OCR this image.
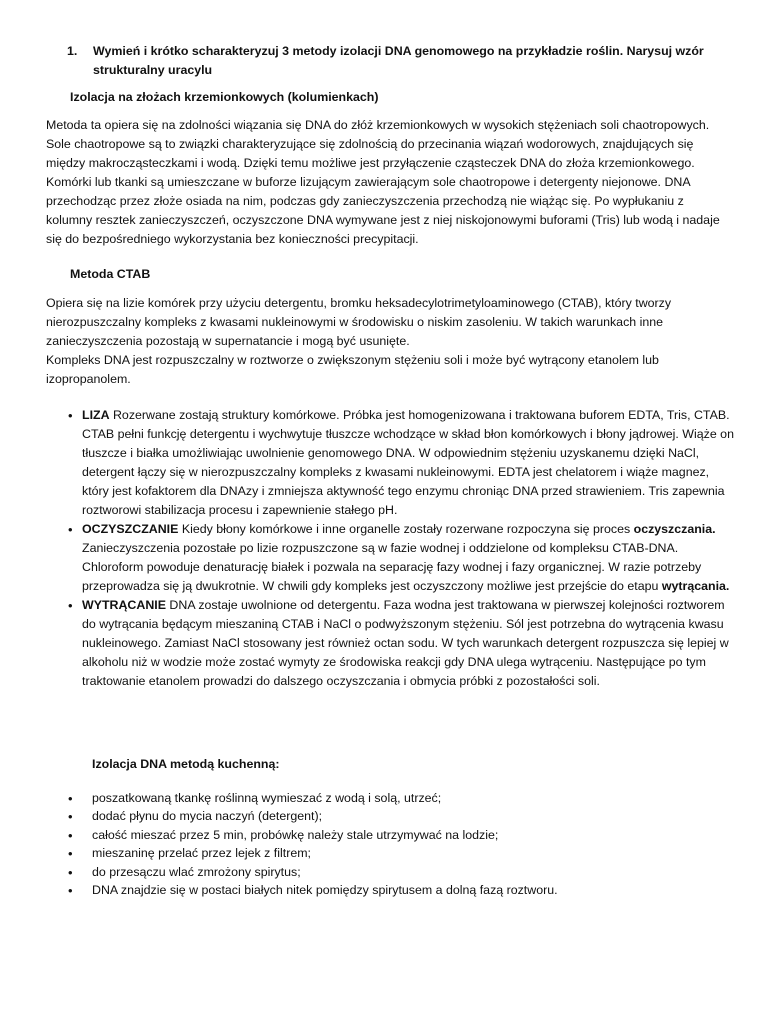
1.	Wymień i krótko scharakteryzuj 3 metody izolacji DNA genomowego na przykładzie roślin. Narysuj wzór strukturalny uracylu
Izolacja na złożach krzemionkowych (kolumienkach)
Metoda ta opiera się na zdolności wiązania się DNA do złóż krzemionkowych w wysokich stężeniach soli chaotropowych. Sole chaotropowe są to związki charakteryzujące się zdolnością do przecinania wiązań wodorowych, znajdujących się między makrocząsteczkami i wodą. Dzięki temu możliwe jest przyłączenie cząsteczek DNA do złoża krzemionkowego. Komórki lub tkanki są umieszczane w buforze lizującym zawierającym sole chaotropowe i detergenty niejonowe. DNA przechodząc przez złoże osiada na nim, podczas gdy zanieczyszczenia przechodzą nie wiążąc się. Po wypłukaniu z kolumny resztek zanieczyszczeń, oczyszczone DNA wymywane jest z niej niskojonowymi buforami (Tris) lub wodą i nadaje się do bezpośredniego wykorzystania bez konieczności precypitacji.
Metoda CTAB
Opiera się na lizie komórek przy użyciu detergentu, bromku heksadecylotrimetyloaminowego (CTAB), który tworzy nierozpuszczalny kompleks z kwasami nukleinowymi w środowisku o niskim zasoleniu. W takich warunkach inne zanieczyszczenia pozostają w supernatancie i mogą być usunięte.
Kompleks DNA jest rozpuszczalny w roztworze o zwiększonym stężeniu soli i może być wytrącony etanolem lub izopropanolem.
•
LIZA Rozerwane zostają struktury komórkowe. Próbka jest homogenizowana i traktowana buforem EDTA, Tris, CTAB. CTAB pełni funkcję detergentu i wychwytuje tłuszcze wchodzące w skład błon komórkowych i błony jądrowej. Wiąże on tłuszcze i białka umożliwiając uwolnienie genomowego DNA. W odpowiednim stężeniu uzyskanemu dzięki NaCl, detergent łączy się w nierozpuszczalny kompleks z kwasami nukleinowymi. EDTA jest chelatorem i wiąże magnez, który jest kofaktorem dla DNAzy i zmniejsza aktywność tego enzymu chroniąc DNA przed strawieniem. Tris zapewnia roztworowi stabilizacja procesu i zapewnienie stałego pH.
•
OCZYSZCZANIE Kiedy błony komórkowe i inne organelle zostały rozerwane rozpoczyna się proces oczyszczania. Zanieczyszczenia pozostałe po lizie rozpuszczone są w fazie wodnej i oddzielone od kompleksu CTAB-DNA. Chloroform powoduje denaturację białek i pozwala na separację fazy wodnej i fazy organicznej. W razie potrzeby przeprowadza się ją dwukrotnie. W chwili gdy kompleks jest oczyszczony możliwe jest przejście do etapu wytrącania.
•
WYTRĄCANIE DNA zostaje uwolnione od detergentu. Faza wodna jest traktowana w pierwszej kolejności roztworem do wytrącania będącym mieszaniną CTAB i NaCl o podwyższonym stężeniu. Sól jest potrzebna do wytrącenia kwasu nukleinowego. Zamiast NaCl stosowany jest również octan sodu. W tych warunkach detergent rozpuszcza się lepiej w alkoholu niż w wodzie może zostać wymyty ze środowiska reakcji gdy DNA ulega wytrąceniu. Następujące po tym traktowanie etanolem prowadzi do dalszego oczyszczania i obmycia próbki z pozostałości soli.
Izolacja DNA metodą kuchenną:
•
poszatkowaną tkankę roślinną wymieszać z wodą i solą, utrzeć;
•
dodać płynu do mycia naczyń (detergent);
•
całość mieszać przez 5 min, probówkę należy stale utrzymywać na lodzie;
•
mieszaninę przelać przez lejek z filtrem;
•
do przesączu wlać zmrożony spirytus;
•
DNA znajdzie się w postaci białych nitek pomiędzy spirytusem a dolną fazą roztworu.
